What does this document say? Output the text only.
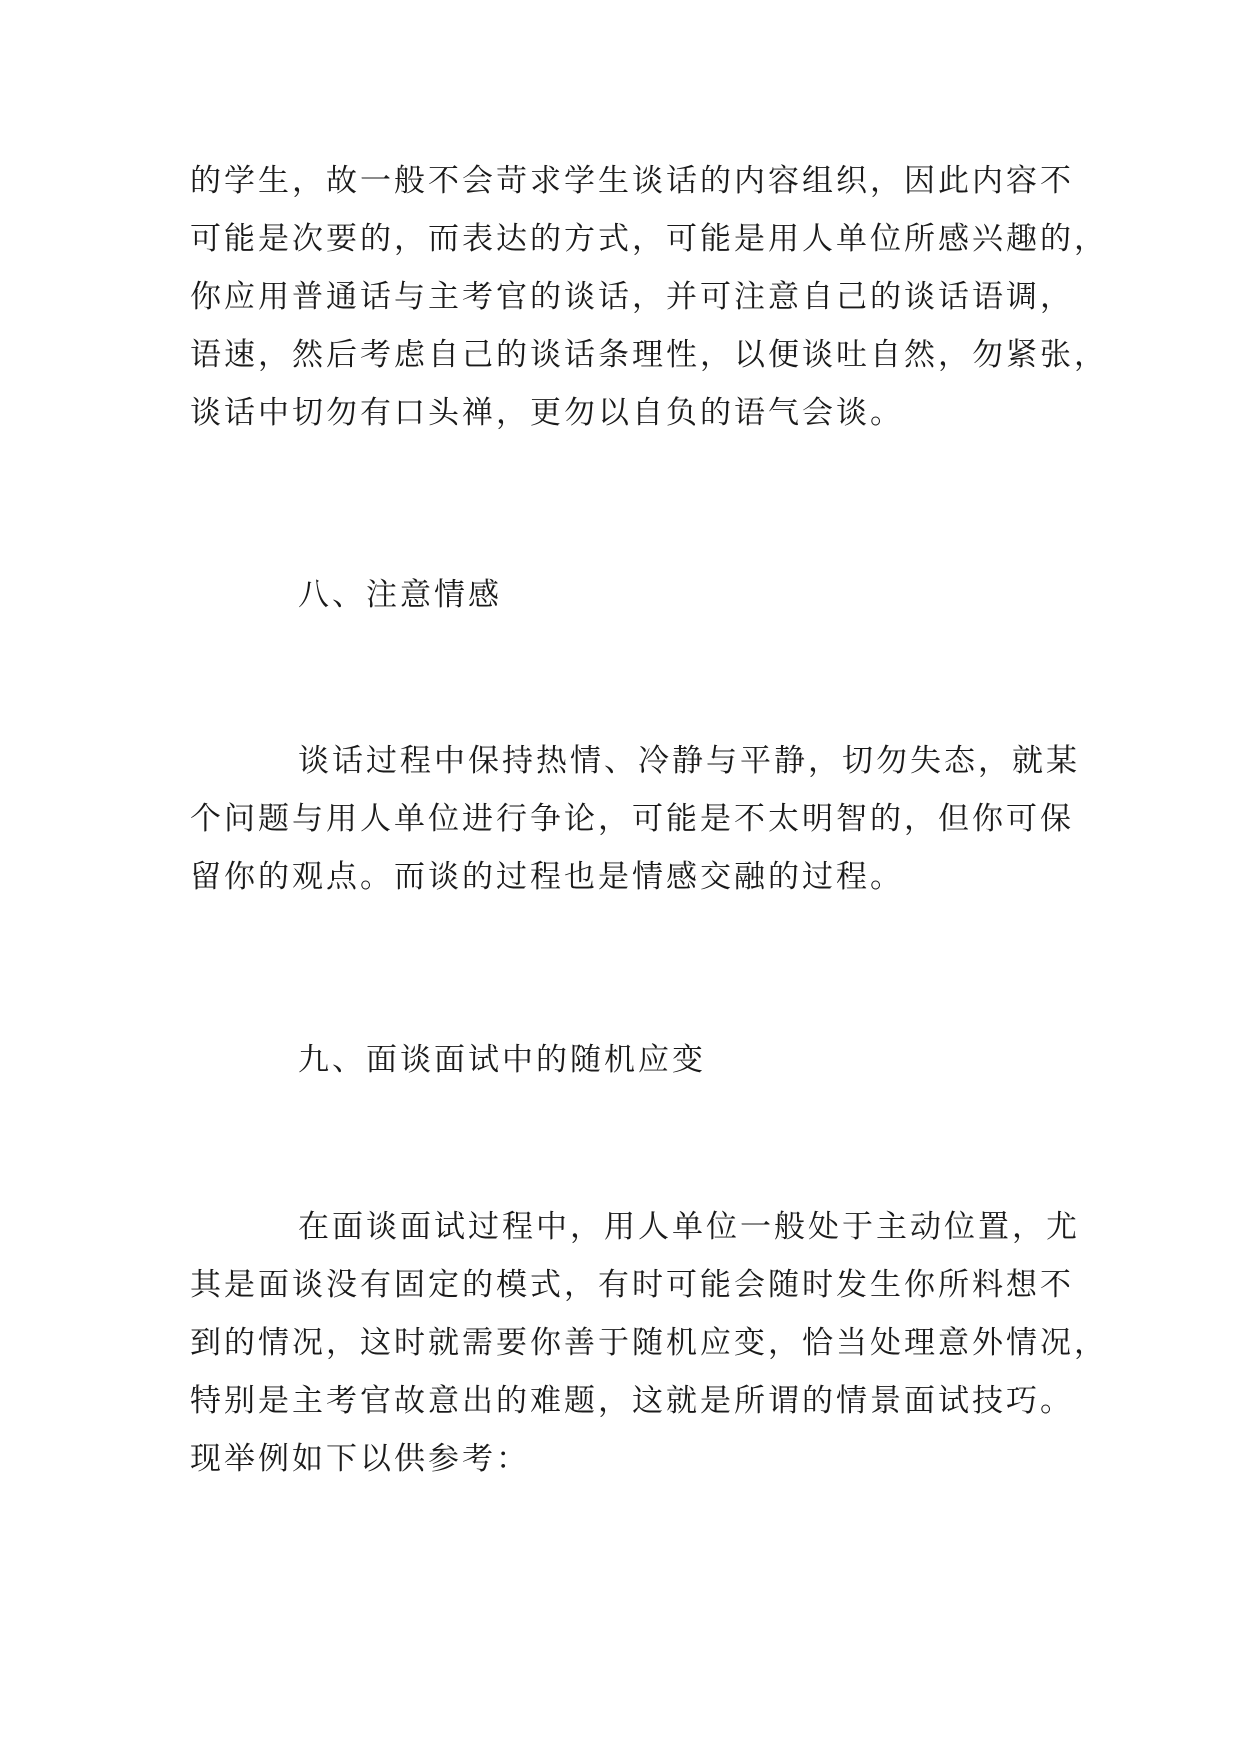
的学生，故一般不会苛求学生谈话的内容组织，因此内容不
可能是次要的，而表达的方式，可能是用人单位所感兴趣的，
你应用普通话与主考官的谈话，并可注意自己的谈话语调，
语速，然后考虑自己的谈话条理性，以便谈吐自然，勿紧张，
谈话中切勿有口头禅，更勿以自负的语气会谈。
八、注意情感
谈话过程中保持热情、冷静与平静，切勿失态，就某
个问题与用人单位进行争论，可能是不太明智的，但你可保
留你的观点。而谈的过程也是情感交融的过程。
九、面谈面试中的随机应变
在面谈面试过程中，用人单位一般处于主动位置，尤
其是面谈没有固定的模式，有时可能会随时发生你所料想不
到的情况，这时就需要你善于随机应变，恰当处理意外情况，
特别是主考官故意出的难题，这就是所谓的情景面试技巧。
现举例如下以供参考：
